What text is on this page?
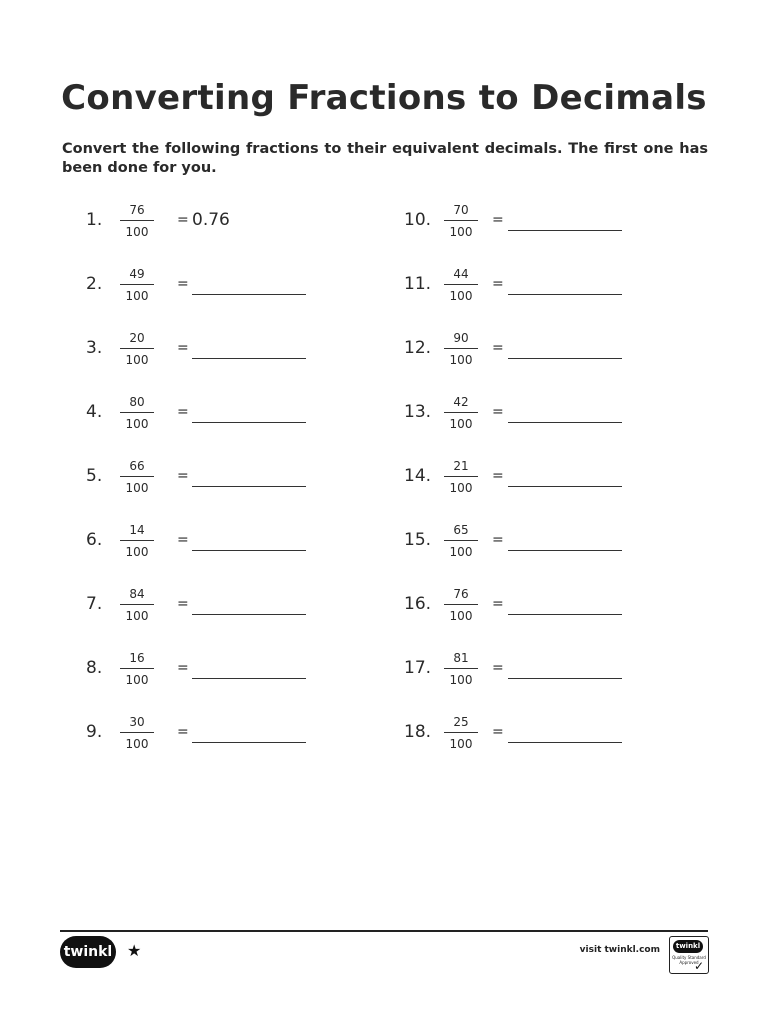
Converting Fractions to Decimals
Convert the following fractions to their equivalent decimals. The first one has been done for you.
1.	76
100
= 0.76
2.	49
100
=
3.	20
100
=
4.	80
100
=
5.	66
100
=
6.	14
100
=
7.	84
100
=
8.	16
100
=
9.	30
100
=
10.	70
100
=
11.	44
100
=
12.	90
100
=
13.	42
100
=
14.	21
100
=
15.	65
100
=
16.	76
100
=
17.	81
100
=
18.	25
100
=
twinkl ★	visit twinkl.com	twinkl
Quality Standard Approved
✓
